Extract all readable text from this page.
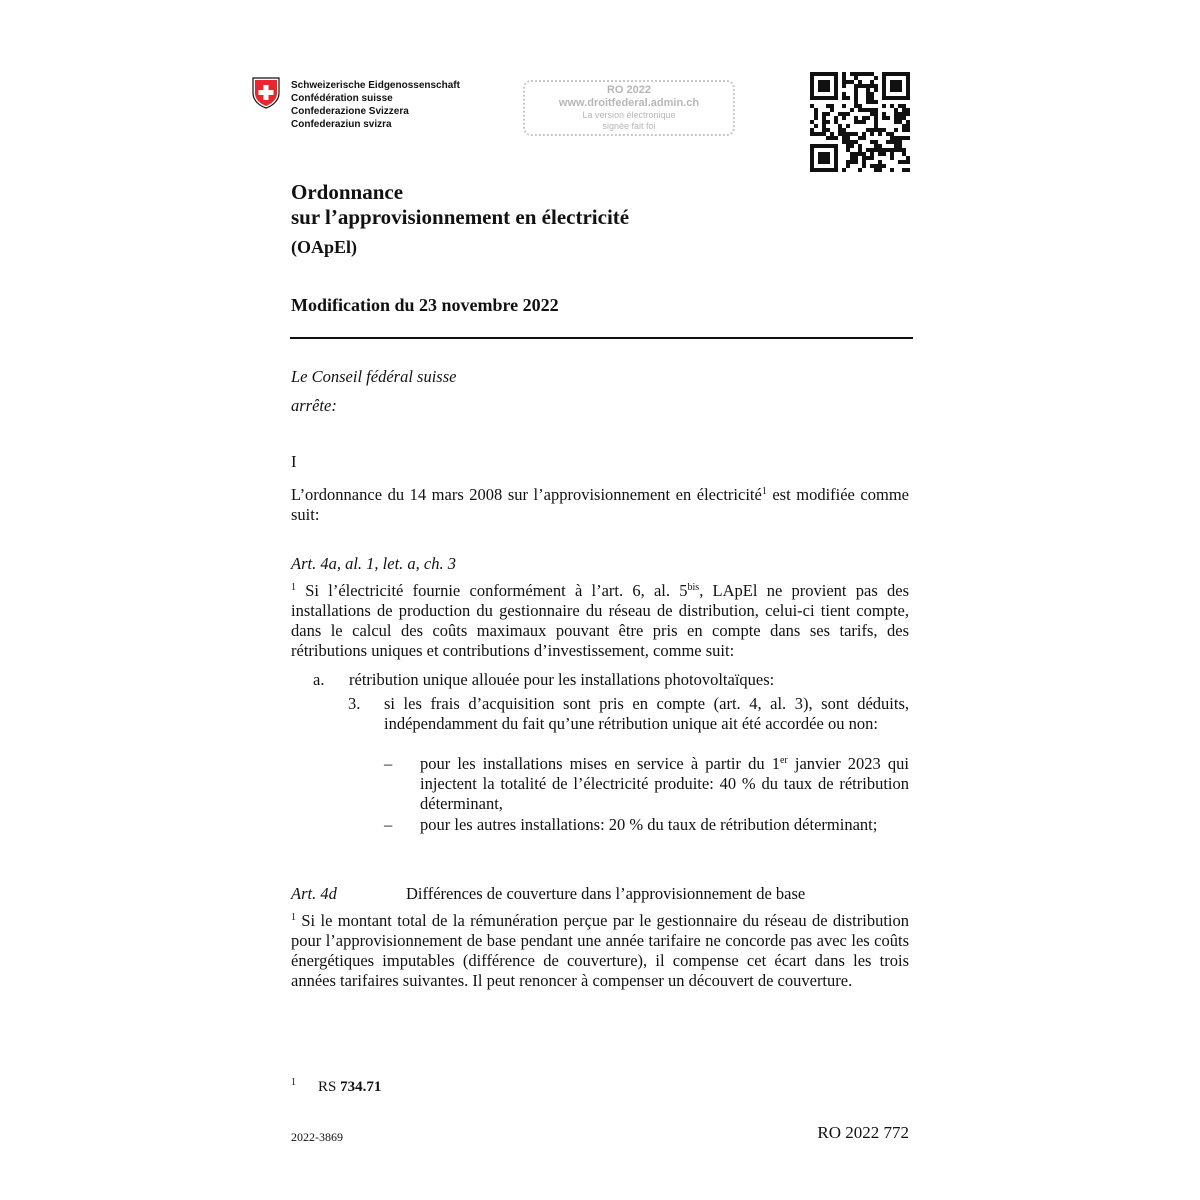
Schweizerische Eidgenossenschaft
Confédération suisse
Confederazione Svizzera
Confederaziun svizra
RO 2022
www.droitfederal.admin.ch
La version électronique
signée fait foi
Ordonnance
sur l’approvisionnement en électricité
(OApEl)
Modification du 23 novembre 2022
Le Conseil fédéral suisse
arrête:
I
L’ordonnance du 14 mars 2008 sur l’approvisionnement en électricité$^1$ est modifiée comme suit:
Art. 4a, al. 1, let. a, ch. 3
$^1$ Si l’électricité fournie conformément à l’art. 6, al. $5^{bis}$, LApEl ne provient pas des installations de production du gestionnaire du réseau de distribution, celui-ci tient compte, dans le calcul des coûts maximaux pouvant être pris en compte dans ses tarifs, des rétributions uniques et contributions d’investissement, comme suit:
a. rétribution unique allouée pour les installations photovoltaïques:
3. si les frais d’acquisition sont pris en compte (art. 4, al. 3), sont déduits, indépendamment du fait qu’une rétribution unique ait été accordée ou non:
– pour les installations mises en service à partir du 1er janvier 2023 qui injectent la totalité de l’électricité produite: 40 % du taux de rétribution déterminant,
– pour les autres installations: 20 % du taux de rétribution déterminant;
Art. 4d	Différences de couverture dans l’approvisionnement de base
$^1$ Si le montant total de la rémunération perçue par le gestionnaire du réseau de distribution pour l’approvisionnement de base pendant une année tarifaire ne concorde pas avec les coûts énergétiques imputables (différence de couverture), il compense cet écart dans les trois années tarifaires suivantes. Il peut renoncer à compenser un découvert de couverture.
$^1$ RS 734.71
2022-3869	RO 2022 772
